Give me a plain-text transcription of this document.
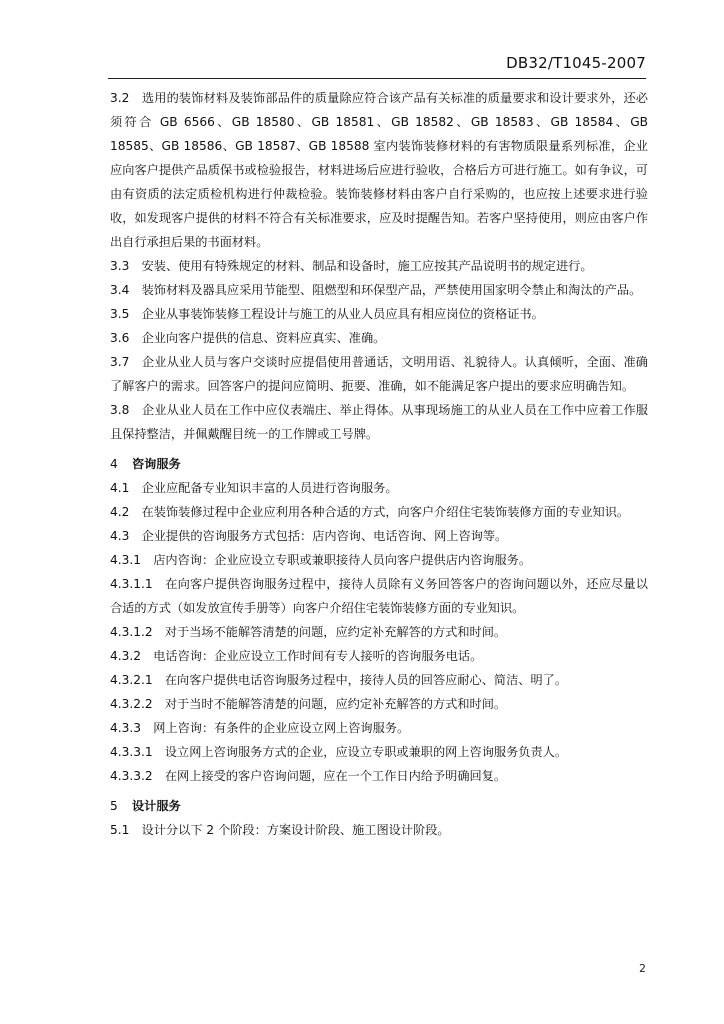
DB32/T1045-2007

3.2　选用的装饰材料及装饰部品件的质量除应符合该产品有关标准的质量要求和设计要求外，还必须符合 GB 6566、GB 18580、GB 18581、GB 18582、GB 18583、GB 18584、GB 18585、GB 18586、GB 18587、GB 18588 室内装饰装修材料的有害物质限量系列标准，企业应向客户提供产品质保书或检验报告，材料进场后应进行验收，合格后方可进行施工。如有争议，可由有资质的法定质检机构进行仲裁检验。装饰装修材料由客户自行采购的，也应按上述要求进行验收，如发现客户提供的材料不符合有关标准要求，应及时提醒告知。若客户坚持使用，则应由客户作出自行承担后果的书面材料。

3.3　安装、使用有特殊规定的材料、制品和设备时，施工应按其产品说明书的规定进行。

3.4　装饰材料及器具应采用节能型、阻燃型和环保型产品，严禁使用国家明令禁止和淘汰的产品。

3.5　企业从事装饰装修工程设计与施工的从业人员应具有相应岗位的资格证书。

3.6　企业向客户提供的信息、资料应真实、准确。

3.7　企业从业人员与客户交谈时应提倡使用普通话，文明用语、礼貌待人。认真倾听，全面、准确了解客户的需求。回答客户的提问应简明、扼要、准确，如不能满足客户提出的要求应明确告知。

3.8　企业从业人员在工作中应仪表端庄、举止得体。从事现场施工的从业人员在工作中应着工作服且保持整洁，并佩戴醒目统一的工作牌或工号牌。

4 咨询服务

4.1　企业应配备专业知识丰富的人员进行咨询服务。

4.2　在装饰装修过程中企业应利用各种合适的方式，向客户介绍住宅装饰装修方面的专业知识。

4.3　企业提供的咨询服务方式包括：店内咨询、电话咨询、网上咨询等。

4.3.1　店内咨询：企业应设立专职或兼职接待人员向客户提供店内咨询服务。

4.3.1.1　在向客户提供咨询服务过程中，接待人员除有义务回答客户的咨询问题以外，还应尽量以合适的方式（如发放宣传手册等）向客户介绍住宅装饰装修方面的专业知识。

4.3.1.2　对于当场不能解答清楚的问题，应约定补充解答的方式和时间。

4.3.2　电话咨询：企业应设立工作时间有专人接听的咨询服务电话。

4.3.2.1　在向客户提供电话咨询服务过程中，接待人员的回答应耐心、简洁、明了。

4.3.2.2　对于当时不能解答清楚的问题，应约定补充解答的方式和时间。

4.3.3　网上咨询：有条件的企业应设立网上咨询服务。

4.3.3.1　设立网上咨询服务方式的企业，应设立专职或兼职的网上咨询服务负责人。

4.3.3.2　在网上接受的客户咨询问题，应在一个工作日内给予明确回复。

5 设计服务

5.1　设计分以下 2 个阶段：方案设计阶段、施工图设计阶段。

2
